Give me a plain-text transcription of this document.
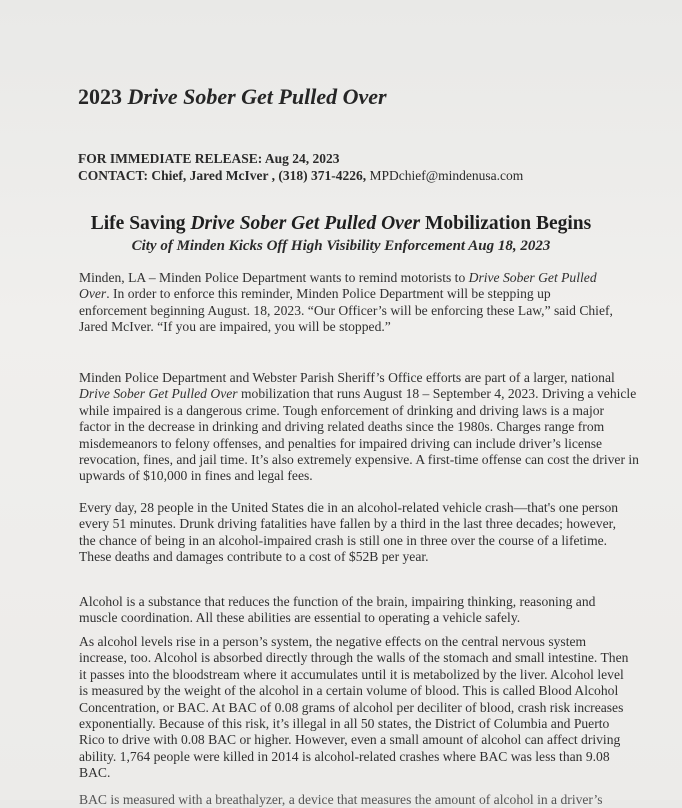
2023 Drive Sober Get Pulled Over
FOR IMMEDIATE RELEASE: Aug 24, 2023
CONTACT: Chief, Jared McIver , (318) 371-4226, MPDchief@mindenusa.com
Life Saving Drive Sober Get Pulled Over Mobilization Begins
City of Minden Kicks Off High Visibility Enforcement Aug 18, 2023
Minden, LA – Minden Police Department wants to remind motorists to Drive Sober Get Pulled Over. In order to enforce this reminder, Minden Police Department will be stepping up enforcement beginning August. 18, 2023. “Our Officer’s will be enforcing these Law,” said Chief, Jared McIver. “If you are impaired, you will be stopped.”
Minden Police Department and Webster Parish Sheriff’s Office efforts are part of a larger, national Drive Sober Get Pulled Over mobilization that runs August 18 – September 4, 2023. Driving a vehicle while impaired is a dangerous crime. Tough enforcement of drinking and driving laws is a major factor in the decrease in drinking and driving related deaths since the 1980s. Charges range from misdemeanors to felony offenses, and penalties for impaired driving can include driver’s license revocation, fines, and jail time. It’s also extremely expensive. A first-time offense can cost the driver in upwards of $10,000 in fines and legal fees.
Every day, 28 people in the United States die in an alcohol-related vehicle crash—that's one person every 51 minutes. Drunk driving fatalities have fallen by a third in the last three decades; however, the chance of being in an alcohol-impaired crash is still one in three over the course of a lifetime. These deaths and damages contribute to a cost of $52B per year.
Alcohol is a substance that reduces the function of the brain, impairing thinking, reasoning and muscle coordination. All these abilities are essential to operating a vehicle safely.
As alcohol levels rise in a person’s system, the negative effects on the central nervous system increase, too. Alcohol is absorbed directly through the walls of the stomach and small intestine. Then it passes into the bloodstream where it accumulates until it is metabolized by the liver. Alcohol level is measured by the weight of the alcohol in a certain volume of blood. This is called Blood Alcohol Concentration, or BAC. At BAC of 0.08 grams of alcohol per deciliter of blood, crash risk increases exponentially. Because of this risk, it’s illegal in all 50 states, the District of Columbia and Puerto Rico to drive with 0.08 BAC or higher. However, even a small amount of alcohol can affect driving ability. 1,764 people were killed in 2014 is alcohol-related crashes where BAC was less than 9.08 BAC.
BAC is measured with a breathalyzer, a device that measures the amount of alcohol in a driver’s
